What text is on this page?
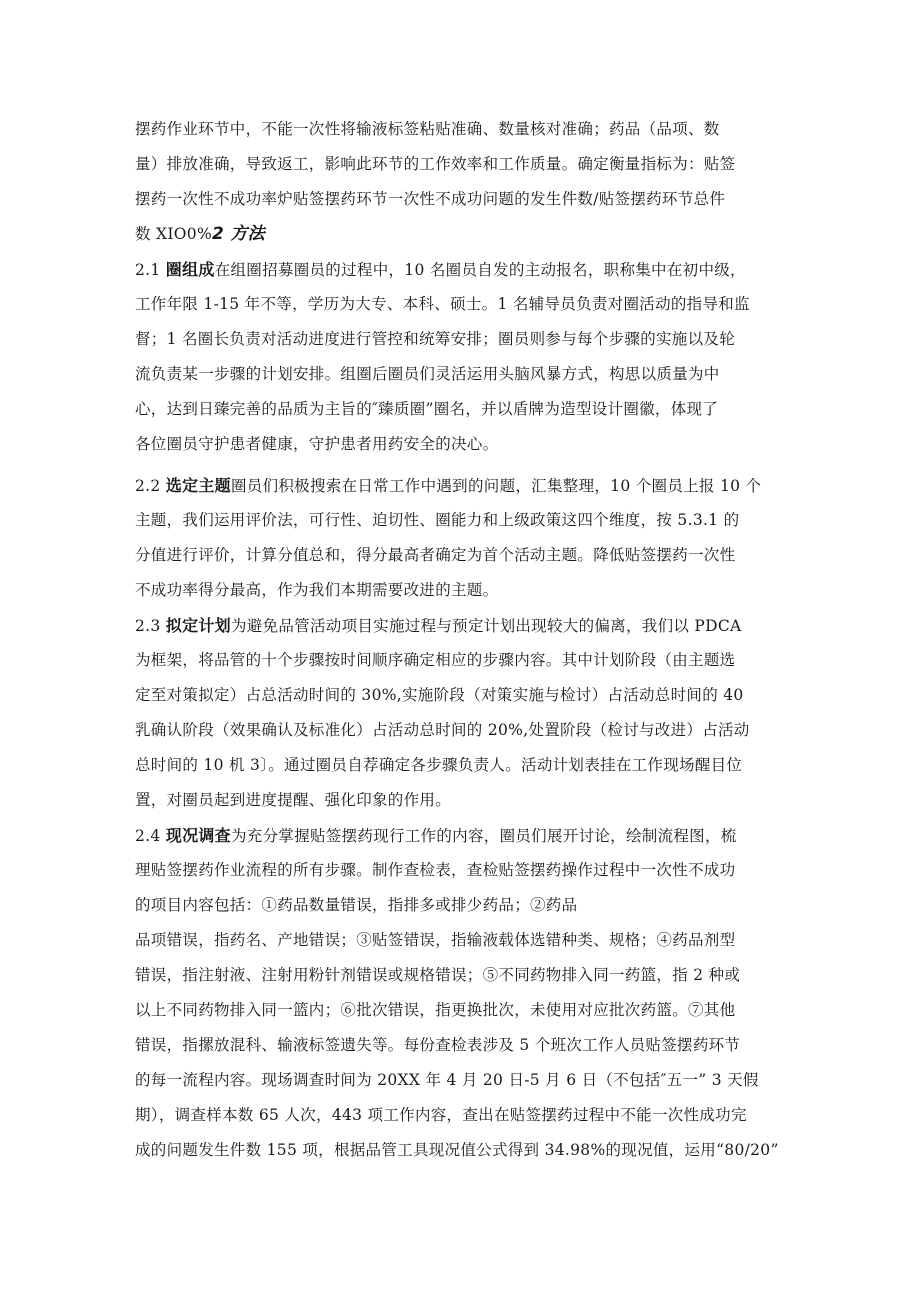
摆药作业环节中，不能一次性将输液标签粘贴准确、数量核对准确；药品（品项、数
量）排放准确，导致返工，影响此环节的工作效率和工作质量。确定衡量指标为：贴签
摆药一次性不成功率炉贴签摆药环节一次性不成功问题的发生件数/贴签摆药环节总件
数 XIO0%2 方法
2.1 圈组成在组圈招募圈员的过程中，10 名圈员自发的主动报名，职称集中在初中级，
工作年限 1-15 年不等，学历为大专、本科、硕士。1 名辅导员负责对圈活动的指导和监
督；1 名圈长负责对活动进度进行管控和统筹安排；圈员则参与每个步骤的实施以及轮
流负责某一步骤的计划安排。组圈后圈员们灵活运用头脑风暴方式，构思以质量为中
心，达到日臻完善的品质为主旨的″臻质圈”圈名，并以盾牌为造型设计圈徽，体现了
各位圈员守护患者健康，守护患者用药安全的决心。
2.2 选定主题圈员们积极搜索在日常工作中遇到的问题，汇集整理，10 个圈员上报 10 个
主题，我们运用评价法，可行性、迫切性、圈能力和上级政策这四个维度，按 5.3.1 的
分值进行评价，计算分值总和，得分最高者确定为首个活动主题。降低贴签摆药一次性
不成功率得分最高，作为我们本期需要改进的主题。
2.3 拟定计划为避免品管活动项目实施过程与预定计划出现较大的偏离，我们以 PDCA
为框架，将品管的十个步骤按时间顺序确定相应的步骤内容。其中计划阶段（由主题选
定至对策拟定）占总活动时间的 30%,实施阶段（对策实施与检讨）占活动总时间的 40
乳确认阶段（效果确认及标准化）占活动总时间的 20%,处置阶段（检讨与改进）占活动
总时间的 10 机 3〕。通过圈员自荐确定各步骤负责人。活动计划表挂在工作现场醒目位
置，对圈员起到进度提醒、强化印象的作用。
2.4 现况调查为充分掌握贴签摆药现行工作的内容，圈员们展开讨论，绘制流程图，梳
理贴签摆药作业流程的所有步骤。制作查检表，查检贴签摆药操作过程中一次性不成功
的项目内容包括：①药品数量错误，指排多或排少药品；②药品
品项错误，指药名、产地错误；③贴签错误，指输液载体选错种类、规格；④药品剂型
错误，指注射液、注射用粉针剂错误或规格错误；⑤不同药物排入同一药篮，指 2 种或
以上不同药物排入同一篮内；⑥批次错误，指更换批次，未使用对应批次药篮。⑦其他
错误，指摞放混科、输液标签遗失等。每份查检表涉及 5 个班次工作人员贴签摆药环节
的每一流程内容。现场调查时间为 20XX 年 4 月 20 日-5 月 6 日（不包括″五一” 3 天假
期），调查样本数 65 人次，443 项工作内容，查出在贴签摆药过程中不能一次性成功完
成的问题发生件数 155 项，根据品管工具现况值公式得到 34.98%的现况值，运用“80/20”
